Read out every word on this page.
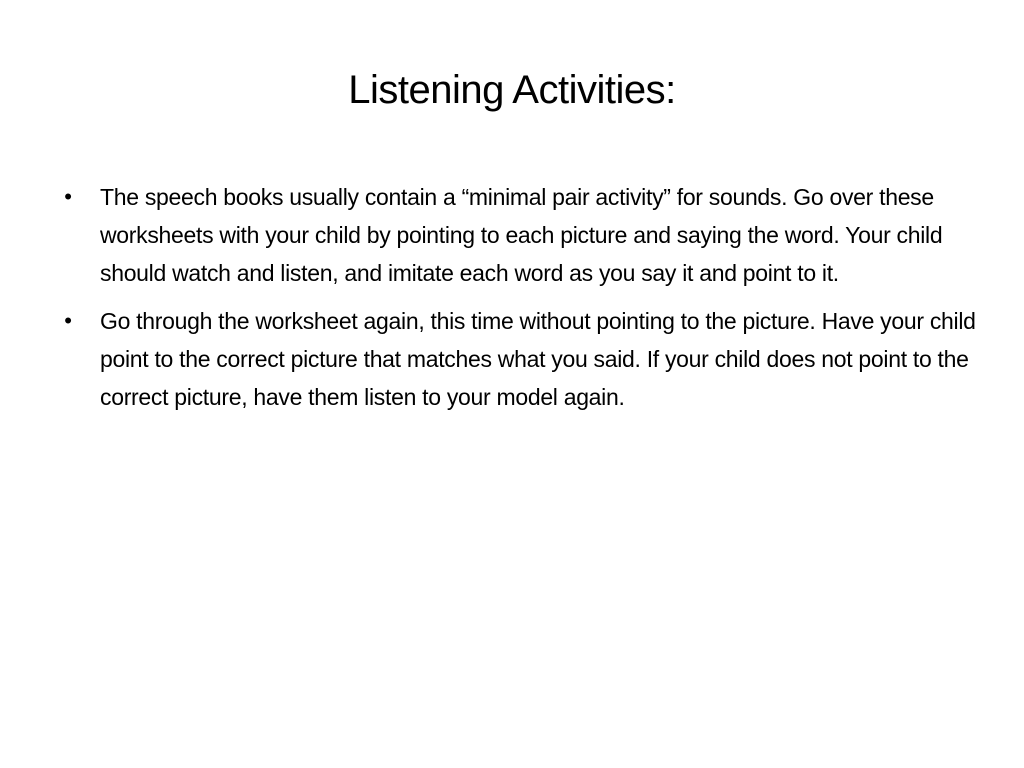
Listening Activities:
• The speech books usually contain a “minimal pair activity” for sounds. Go over these worksheets with your child by pointing to each picture and saying the word. Your child should watch and listen, and imitate each word as you say it and point to it.
• Go through the worksheet again, this time without pointing to the picture. Have your child point to the correct picture that matches what you said. If your child does not point to the correct picture, have them listen to your model again.
